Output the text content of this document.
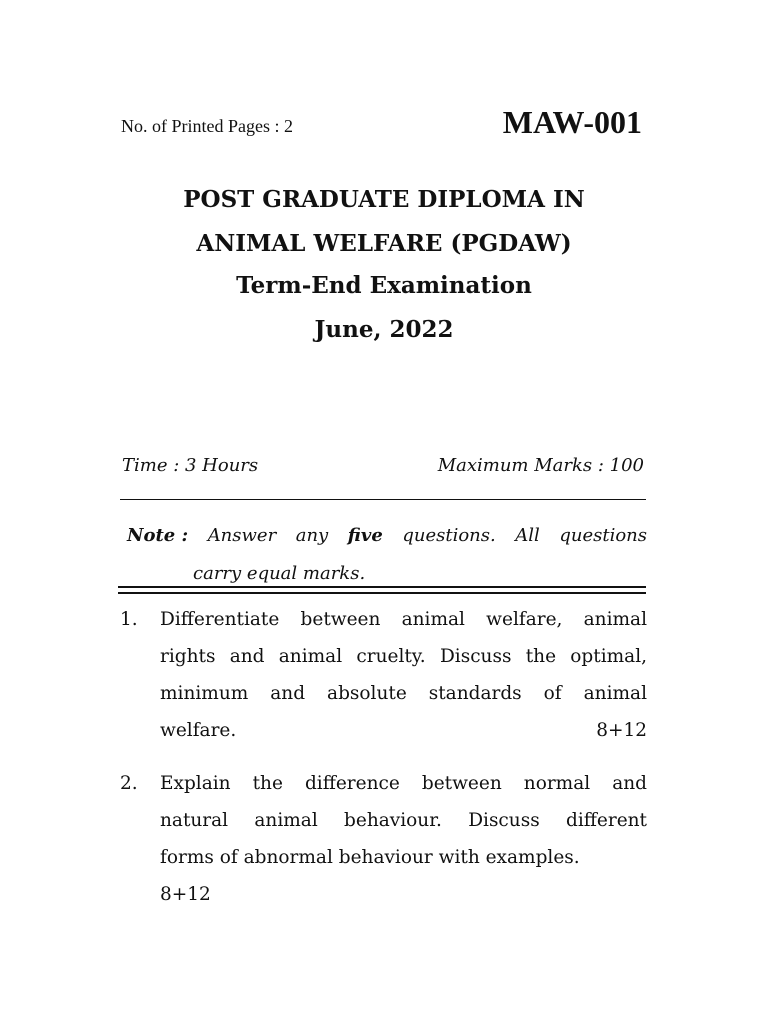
No. of Printed Pages : 2	MAW-001
POST GRADUATE DIPLOMA IN
ANIMAL WELFARE (PGDAW)
Term-End Examination
June, 2022
Time : 3 Hours	Maximum Marks : 100
Note : Answer any five questions. All questions
carry equal marks.
1. Differentiate between animal welfare, animal
rights and animal cruelty. Discuss the optimal,
minimum and absolute standards of animal
welfare.	8+12
2. Explain the difference between normal and
natural animal behaviour. Discuss different
forms of abnormal behaviour with examples.
8+12
